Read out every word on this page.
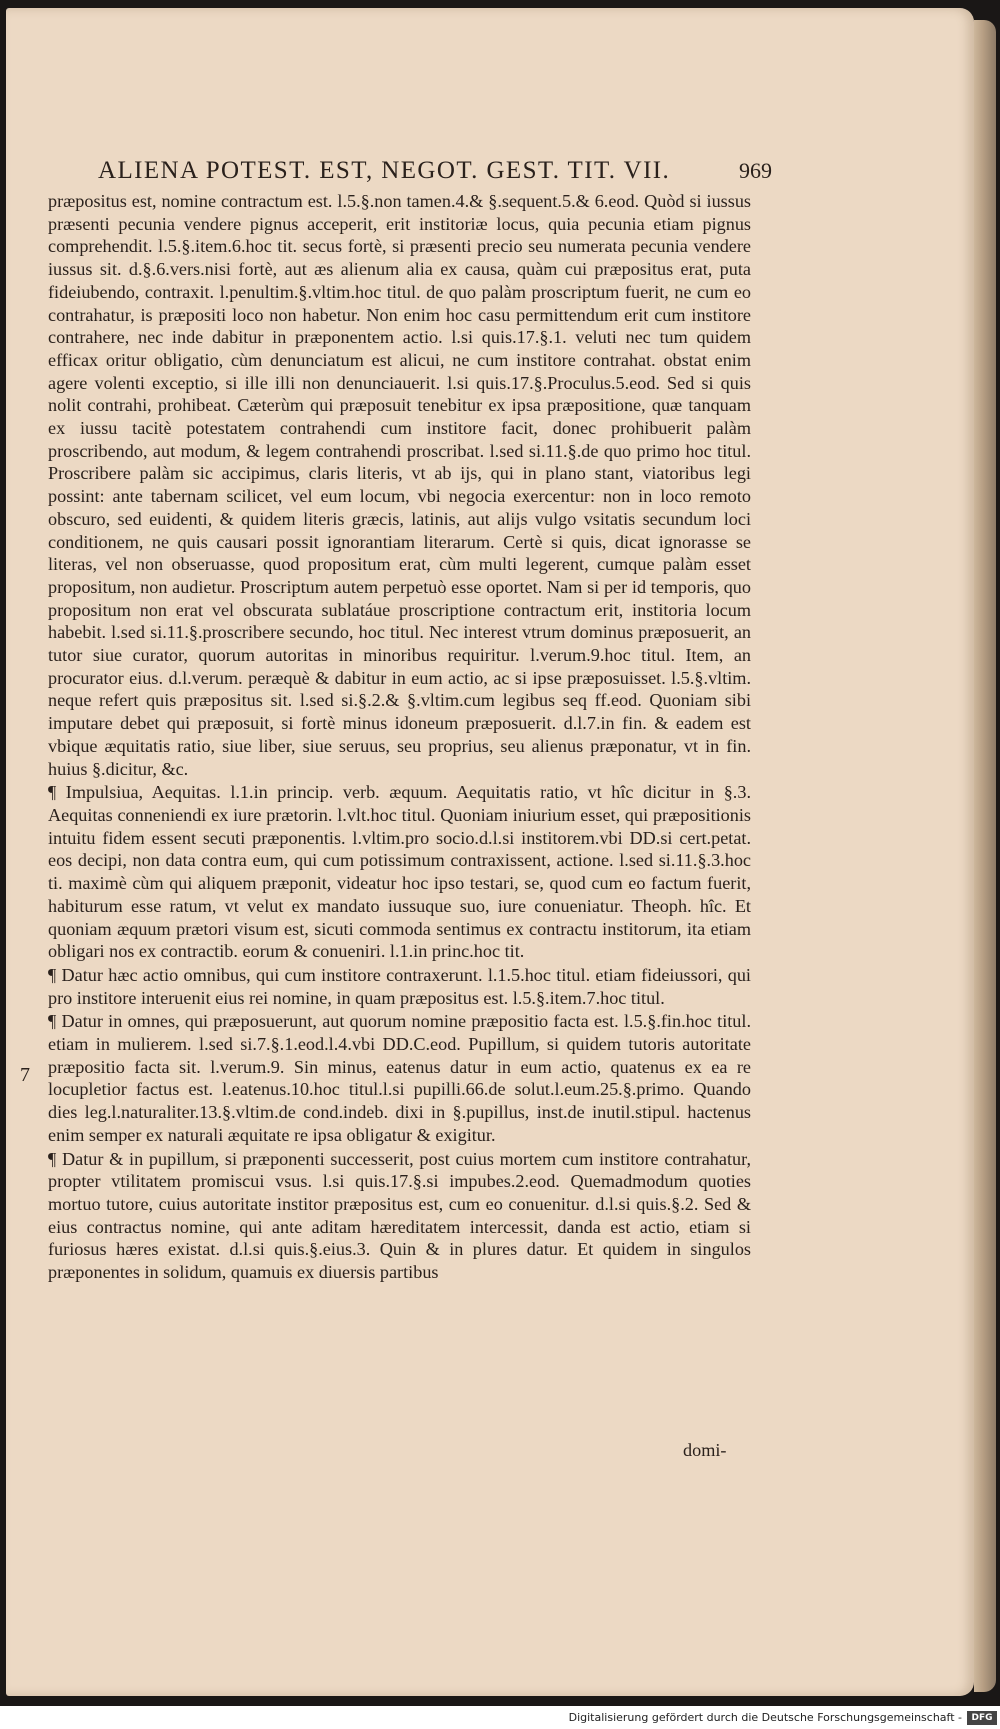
ALIENA POTEST. EST, NEGOT. GEST. TIT. VII.	969
7

præpositus est, nomine contractum est. l.5.§.non tamen.4.& §.sequent.5.& 6.eod. Quòd si iussus præsenti pecunia vendere pignus acceperit, erit institoriæ locus, quia pecunia etiam pignus comprehendit. l.5.§.item.6.hoc tit. secus fortè, si præsenti precio seu numerata pecunia vendere iussus sit. d.§.6.vers.nisi fortè, aut æs alienum alia ex causa, quàm cui præpositus erat, puta fideiubendo, contraxit. l.penultim.§.vltim.hoc titul. de quo palàm proscriptum fuerit, ne cum eo contrahatur, is præpositi loco non habetur. Non enim hoc casu permittendum erit cum institore contrahere, nec inde dabitur in præponentem actio. l.si quis.17.§.1. veluti nec tum quidem efficax oritur obligatio, cùm denunciatum est alicui, ne cum institore contrahat. obstat enim agere volenti exceptio, si ille illi non denunciauerit. l.si quis.17.§.Proculus.5.eod. Sed si quis nolit contrahi, prohibeat. Cæterùm qui præposuit tenebitur ex ipsa præpositione, quæ tanquam ex iussu tacitè potestatem contrahendi cum institore facit, donec prohibuerit palàm proscribendo, aut modum, & legem contrahendi proscribat. l.sed si.11.§.de quo primo hoc titul. Proscribere palàm sic accipimus, claris literis, vt ab ijs, qui in plano stant, viatoribus legi possint: ante tabernam scilicet, vel eum locum, vbi negocia exercentur: non in loco remoto obscuro, sed euidenti, & quidem literis græcis, latinis, aut alijs vulgo vsitatis secundum loci conditionem, ne quis causari possit ignorantiam literarum. Certè si quis, dicat ignorasse se literas, vel non obseruasse, quod propositum erat, cùm multi legerent, cumque palàm esset propositum, non audietur. Proscriptum autem perpetuò esse oportet. Nam si per id temporis, quo propositum non erat vel obscurata sublatáue proscriptione contractum erit, institoria locum habebit. l.sed si.11.§.proscribere secundo, hoc titul. Nec interest vtrum dominus præposuerit, an tutor siue curator, quorum autoritas in minoribus requiritur. l.verum.9.hoc titul. Item, an procurator eius. d.l.verum. peræquè & dabitur in eum actio, ac si ipse præposuisset. l.5.§.vltim. neque refert quis præpositus sit. l.sed si.§.2.& §.vltim.cum legibus seq ff.eod. Quoniam sibi imputare debet qui præposuit, si fortè minus idoneum præposuerit. d.l.7.in fin. & eadem est vbique æquitatis ratio, siue liber, siue seruus, seu proprius, seu alienus præponatur, vt in fin. huius §.dicitur, &c.

¶ Impulsiua, Aequitas. l.1.in princip. verb. æquum. Aequitatis ratio, vt hîc dicitur in §.3. Aequitas conneniendi ex iure prætorin. l.vlt.hoc titul. Quoniam iniurium esset, qui præpositionis intuitu fidem essent secuti præponentis. l.vltim.pro socio.d.l.si institorem.vbi DD.si cert.petat. eos decipi, non data contra eum, qui cum potissimum contraxissent, actione. l.sed si.11.§.3.hoc ti. maximè cùm qui aliquem præponit, videatur hoc ipso testari, se, quod cum eo factum fuerit, habiturum esse ratum, vt velut ex mandato iussuque suo, iure conueniatur. Theoph. hîc. Et quoniam æquum prætori visum est, sicuti commoda sentimus ex contractu institorum, ita etiam obligari nos ex contractib. eorum & conueniri. l.1.in princ.hoc tit.

¶ Datur hæc actio omnibus, qui cum institore contraxerunt. l.1.5.hoc titul. etiam fideiussori, qui pro institore interuenit eius rei nomine, in quam præpositus est. l.5.§.item.7.hoc titul.

¶ Datur in omnes, qui præposuerunt, aut quorum nomine præpositio facta est. l.5.§.fin.hoc titul. etiam in mulierem. l.sed si.7.§.1.eod.l.4.vbi DD.C.eod. Pupillum, si quidem tutoris autoritate præpositio facta sit. l.verum.9. Sin minus, eatenus datur in eum actio, quatenus ex ea re locupletior factus est. l.eatenus.10.hoc titul.l.si pupilli.66.de solut.l.eum.25.§.primo. Quando dies leg.l.naturaliter.13.§.vltim.de cond.indeb. dixi in §.pupillus, inst.de inutil.stipul. hactenus enim semper ex naturali æquitate re ipsa obligatur & exigitur.

¶ Datur & in pupillum, si præponenti successerit, post cuius mortem cum institore contrahatur, propter vtilitatem promiscui vsus. l.si quis.17.§.si impubes.2.eod. Quemadmodum quoties mortuo tutore, cuius autoritate institor præpositus est, cum eo conuenitur. d.l.si quis.§.2. Sed & eius contractus nomine, qui ante aditam hæreditatem intercessit, danda est actio, etiam si furiosus hæres existat. d.l.si quis.§.eius.3. Quin & in plures datur. Et quidem in singulos præponentes in solidum, quamuis ex diuersis partibus

domi-
Digitalisierung gefördert durch die Deutsche Forschungsgemeinschaft -	DFG
